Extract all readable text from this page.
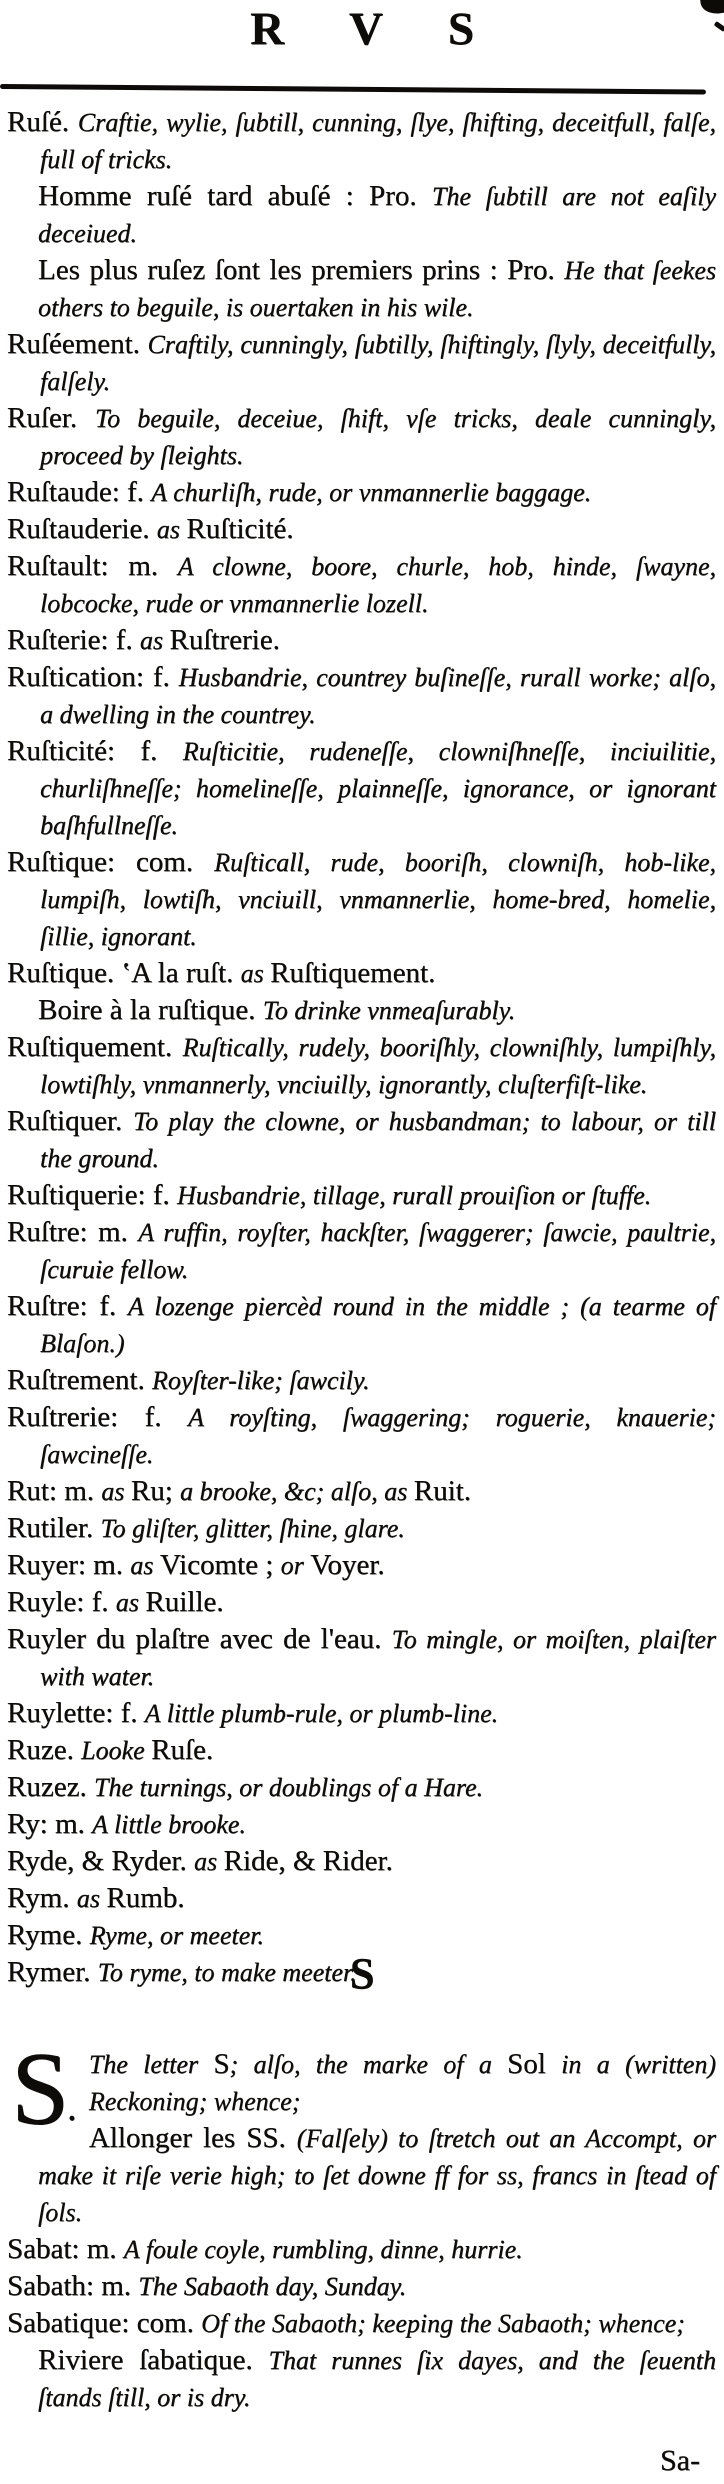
R V S
Ruſé. Craftie, wylie, ſubtill, cunning, ſlye, ſhifting, deceitfull, falſe, full of tricks.
Homme ruſé tard abuſé : Pro. The ſubtill are not eaſily deceiued.
Les plus ruſez ſont les premiers prins : Pro. He that ſeekes others to beguile, is ouertaken in his wile.
Ruſéement. Craftily, cunningly, ſubtilly, ſhiftingly, ſlyly, deceitfully, falſely.
Ruſer. To beguile, deceiue, ſhift, vſe tricks, deale cunningly, proceed by ſleights.
Ruſtaude: f. A churliſh, rude, or vnmannerlie baggage.
Ruſtauderie. as Ruſticité.
Ruſtault: m. A clowne, boore, churle, hob, hinde, ſwayne, lobcocke, rude or vnmannerlie lozell.
Ruſterie: f. as Ruſtrerie.
Ruſtication: f. Husbandrie, countrey buſineſſe, rurall worke; alſo, a dwelling in the countrey.
Ruſticité: f. Ruſticitie, rudeneſſe, clowniſhneſſe, inciuilitie, churliſhneſſe; homelineſſe, plainneſſe, ignorance, or ignorant baſhfullneſſe.
Ruſtique: com. Ruſticall, rude, booriſh, clowniſh, hob-like, lumpiſh, lowtiſh, vnciuill, vnmannerlie, home-bred, homelie, ſillie, ignorant.
Ruſtique. ‛A la ruſt. as Ruſtiquement.
Boire à la ruſtique. To drinke vnmeaſurably.
Ruſtiquement. Ruſtically, rudely, booriſhly, clowniſhly, lumpiſhly, lowtiſhly, vnmannerly, vnciuilly, ignorantly, cluſterfiſt-like.
Ruſtiquer. To play the clowne, or husbandman; to labour, or till the ground.
Ruſtiquerie: f. Husbandrie, tillage, rurall prouiſion or ſtuffe.
Ruſtre: m. A ruffin, royſter, hackſter, ſwaggerer; ſawcie, paultrie, ſcuruie fellow.
Ruſtre: f. A lozenge piercèd round in the middle ; (a tearme of Blaſon.)
Ruſtrement. Royſter-like; ſawcily.
Ruſtrerie: f. A royſting, ſwaggering; roguerie, knauerie; ſawcineſſe.
Rut: m. as Ru; a brooke, &c; alſo, as Ruit.
Rutiler. To gliſter, glitter, ſhine, glare.
Ruyer: m. as Vicomte ; or Voyer.
Ruyle: f. as Ruille.
Ruyler du plaſtre avec de l'eau. To mingle, or moiſten, plaiſter with water.
Ruylette: f. A little plumb-rule, or plumb-line.
Ruze. Looke Ruſe.
Ruzez. The turnings, or doublings of a Hare.
Ry: m. A little brooke.
Ryde, & Ryder. as Ride, & Rider.
Rym. as Rumb.
Ryme. Ryme, or meeter.
Rymer. To ryme, to make meeter.
S
S
.
The letter S; alſo, the marke of a Sol in a (written) Reckoning; whence;
Allonger les SS. (Falſely) to ſtretch out an Accompt, or make it riſe verie high; to ſet downe ff for ss, francs in ſtead of ſols.
Sabat: m. A foule coyle, rumbling, dinne, hurrie.
Sabath: m. The Sabaoth day, Sunday.
Sabatique: com. Of the Sabaoth; keeping the Sabaoth; whence;
Riviere ſabatique. That runnes ſix dayes, and the ſeuenth ſtands ſtill, or is dry.
Sa-
